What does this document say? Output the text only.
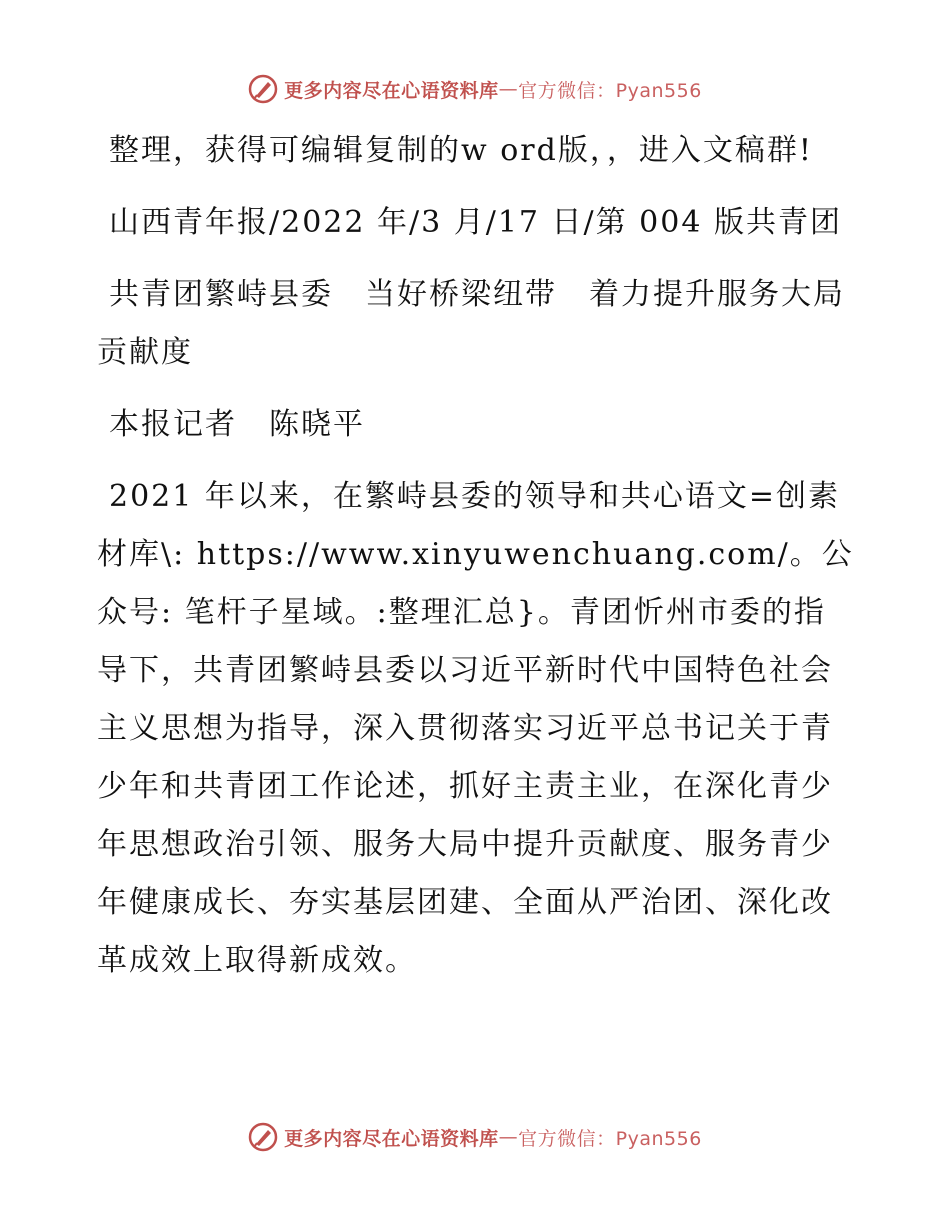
更多内容尽在心语资料库 — 官方微信：Pyan556

整理，获得可编辑复制的w ord版，，进入文稿群!

山西青年报/2022 年/3 月/17 日/第 004 版共青团

共青团繁峙县委　当好桥梁纽带　着力提升服务大局贡献度

本报记者　陈晓平

2021 年以来，在繁峙县委的领导和共心语文=创素材库\: https://www.xinyuwenchuang.com/。公众号: 笔杆子星域。:整理汇总}。青团忻州市委的指导下，共青团繁峙县委以习近平新时代中国特色社会主义思想为指导，深入贯彻落实习近平总书记关于青少年和共青团工作论述，抓好主责主业，在深化青少年思想政治引领、服务大局中提升贡献度、服务青少年健康成长、夯实基层团建、全面从严治团、深化改革成效上取得新成效。

更多内容尽在心语资料库 — 官方微信：Pyan556
